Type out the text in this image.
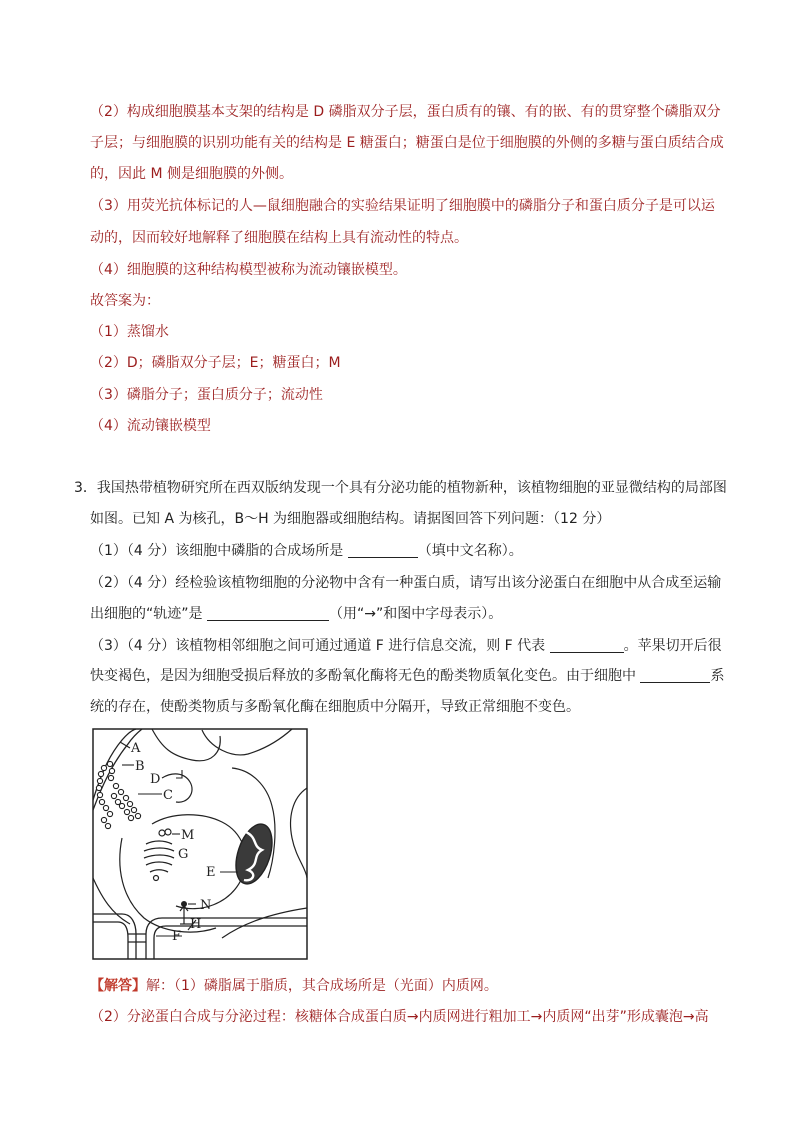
（2）构成细胞膜基本支架的结构是 D 磷脂双分子层，蛋白质有的镶、有的嵌、有的贯穿整个磷脂双分
子层；与细胞膜的识别功能有关的结构是 E 糖蛋白；糖蛋白是位于细胞膜的外侧的多糖与蛋白质结合成
的，因此 M 侧是细胞膜的外侧。
（3）用荧光抗体标记的人—鼠细胞融合的实验结果证明了细胞膜中的磷脂分子和蛋白质分子是可以运
动的，因而较好地解释了细胞膜在结构上具有流动性的特点。
（4）细胞膜的这种结构模型被称为流动镶嵌模型。
故答案为：
（1）蒸馏水
（2）D；磷脂双分子层；E；糖蛋白；M
（3）磷脂分子；蛋白质分子；流动性
（4）流动镶嵌模型
3．我国热带植物研究所在西双版纳发现一个具有分泌功能的植物新种，该植物细胞的亚显微结构的局部图
如图。已知 A 为核孔，B～H 为细胞器或细胞结构。请据图回答下列问题：（12 分）
（1）（4 分）该细胞中磷脂的合成场所是	（填中文名称）。
（2）（4 分）经检验该植物细胞的分泌物中含有一种蛋白质，请写出该分泌蛋白在细胞中从合成至运输
出细胞的“轨迹”是	（用“→”和图中字母表示）。
（3）（4 分）该植物相邻细胞之间可通过通道 F 进行信息交流，则 F 代表	。苹果切开后很
快变褐色，是因为细胞受损后释放的多酚氧化酶将无色的酚类物质氧化变色。由于细胞中	系
统的存在，使酚类物质与多酚氧化酶在细胞质中分隔开，导致正常细胞不变色。
A
B
C
D
M
G
E
N
H
F
【解答】解：（1）磷脂属于脂质，其合成场所是（光面）内质网。
（2）分泌蛋白合成与分泌过程：核糖体合成蛋白质→内质网进行粗加工→内质网“出芽”形成囊泡→高
